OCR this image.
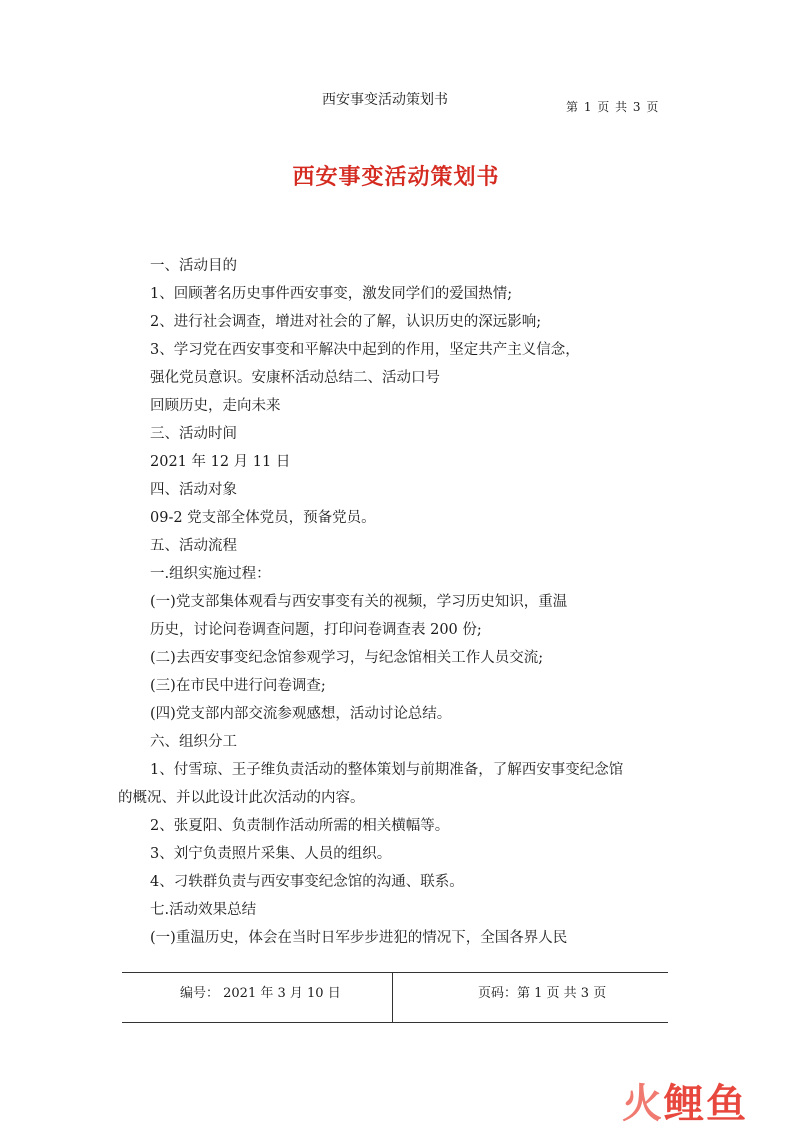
西安事变活动策划书	第 1 页 共 3 页
西安事变活动策划书
一、活动目的
1、回顾著名历史事件西安事变，激发同学们的爱国热情;
2、进行社会调查，增进对社会的了解，认识历史的深远影响;
3、学习党在西安事变和平解决中起到的作用，坚定共产主义信念，
强化党员意识。安康杯活动总结二、活动口号
回顾历史，走向未来
三、活动时间
2021 年 12 月 11 日
四、活动对象
09-2 党支部全体党员，预备党员。
五、活动流程
一.组织实施过程：
(一)党支部集体观看与西安事变有关的视频，学习历史知识，重温
历史，讨论问卷调查问题，打印问卷调查表 200 份;
(二)去西安事变纪念馆参观学习，与纪念馆相关工作人员交流;
(三)在市民中进行问卷调查;
(四)党支部内部交流参观感想，活动讨论总结。
六、组织分工
1、付雪琼、王子维负责活动的整体策划与前期准备，了解西安事变纪念馆
的概况、并以此设计此次活动的内容。
2、张夏阳、负责制作活动所需的相关横幅等。
3、刘宁负责照片采集、人员的组织。
4、刁轶群负责与西安事变纪念馆的沟通、联系。
七.活动效果总结
(一)重温历史，体会在当时日军步步进犯的情况下，全国各界人民
编号： 2021 年 3 月 10 日	页码：第 1 页 共 3 页
火鲤鱼
